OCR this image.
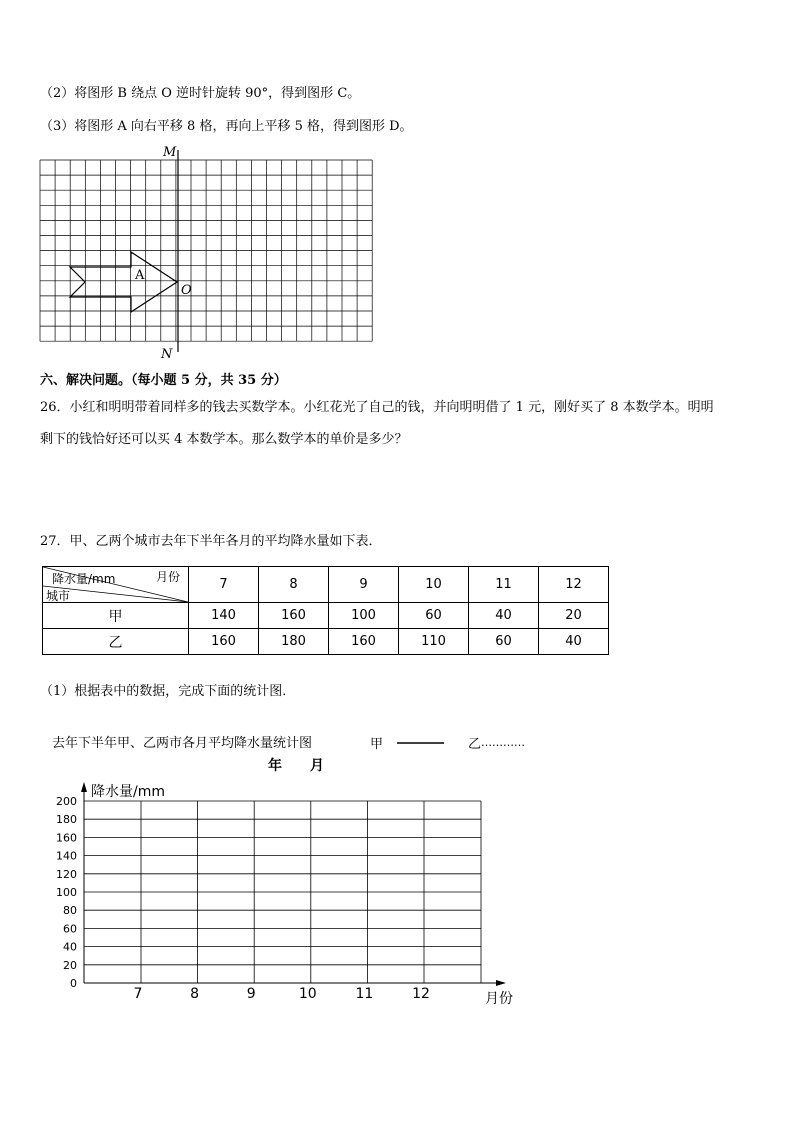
（2）将图形 B 绕点 O 逆时针旋转 90°，得到图形 C。
（3）将图形 A 向右平移 8 格，再向上平移 5 格，得到图形 D。
M
N
O
A
200
180
160
140
120
100
80
60
40
20
0
7	8	9	10	11	12
降水量/mm
月份
去年下半年甲、乙两市各月平均降水量统计图	甲	乙 …………
年　　月
六、解决问题。（每小题 5 分，共 35 分）
26．小红和明明带着同样多的钱去买数学本。小红花光了自己的钱，并向明明借了 1 元，刚好买了 8 本数学本。明明
剩下的钱恰好还可以买 4 本数学本。那么数学本的单价是多少？
27．甲、乙两个城市去年下半年各月的平均降水量如下表．
降水量/mm 月份
城市	7	8	9	10	11	12
甲	140	160	100	60	40	20
乙	160	180	160	110	60	40
（1）根据表中的数据，完成下面的统计图．
